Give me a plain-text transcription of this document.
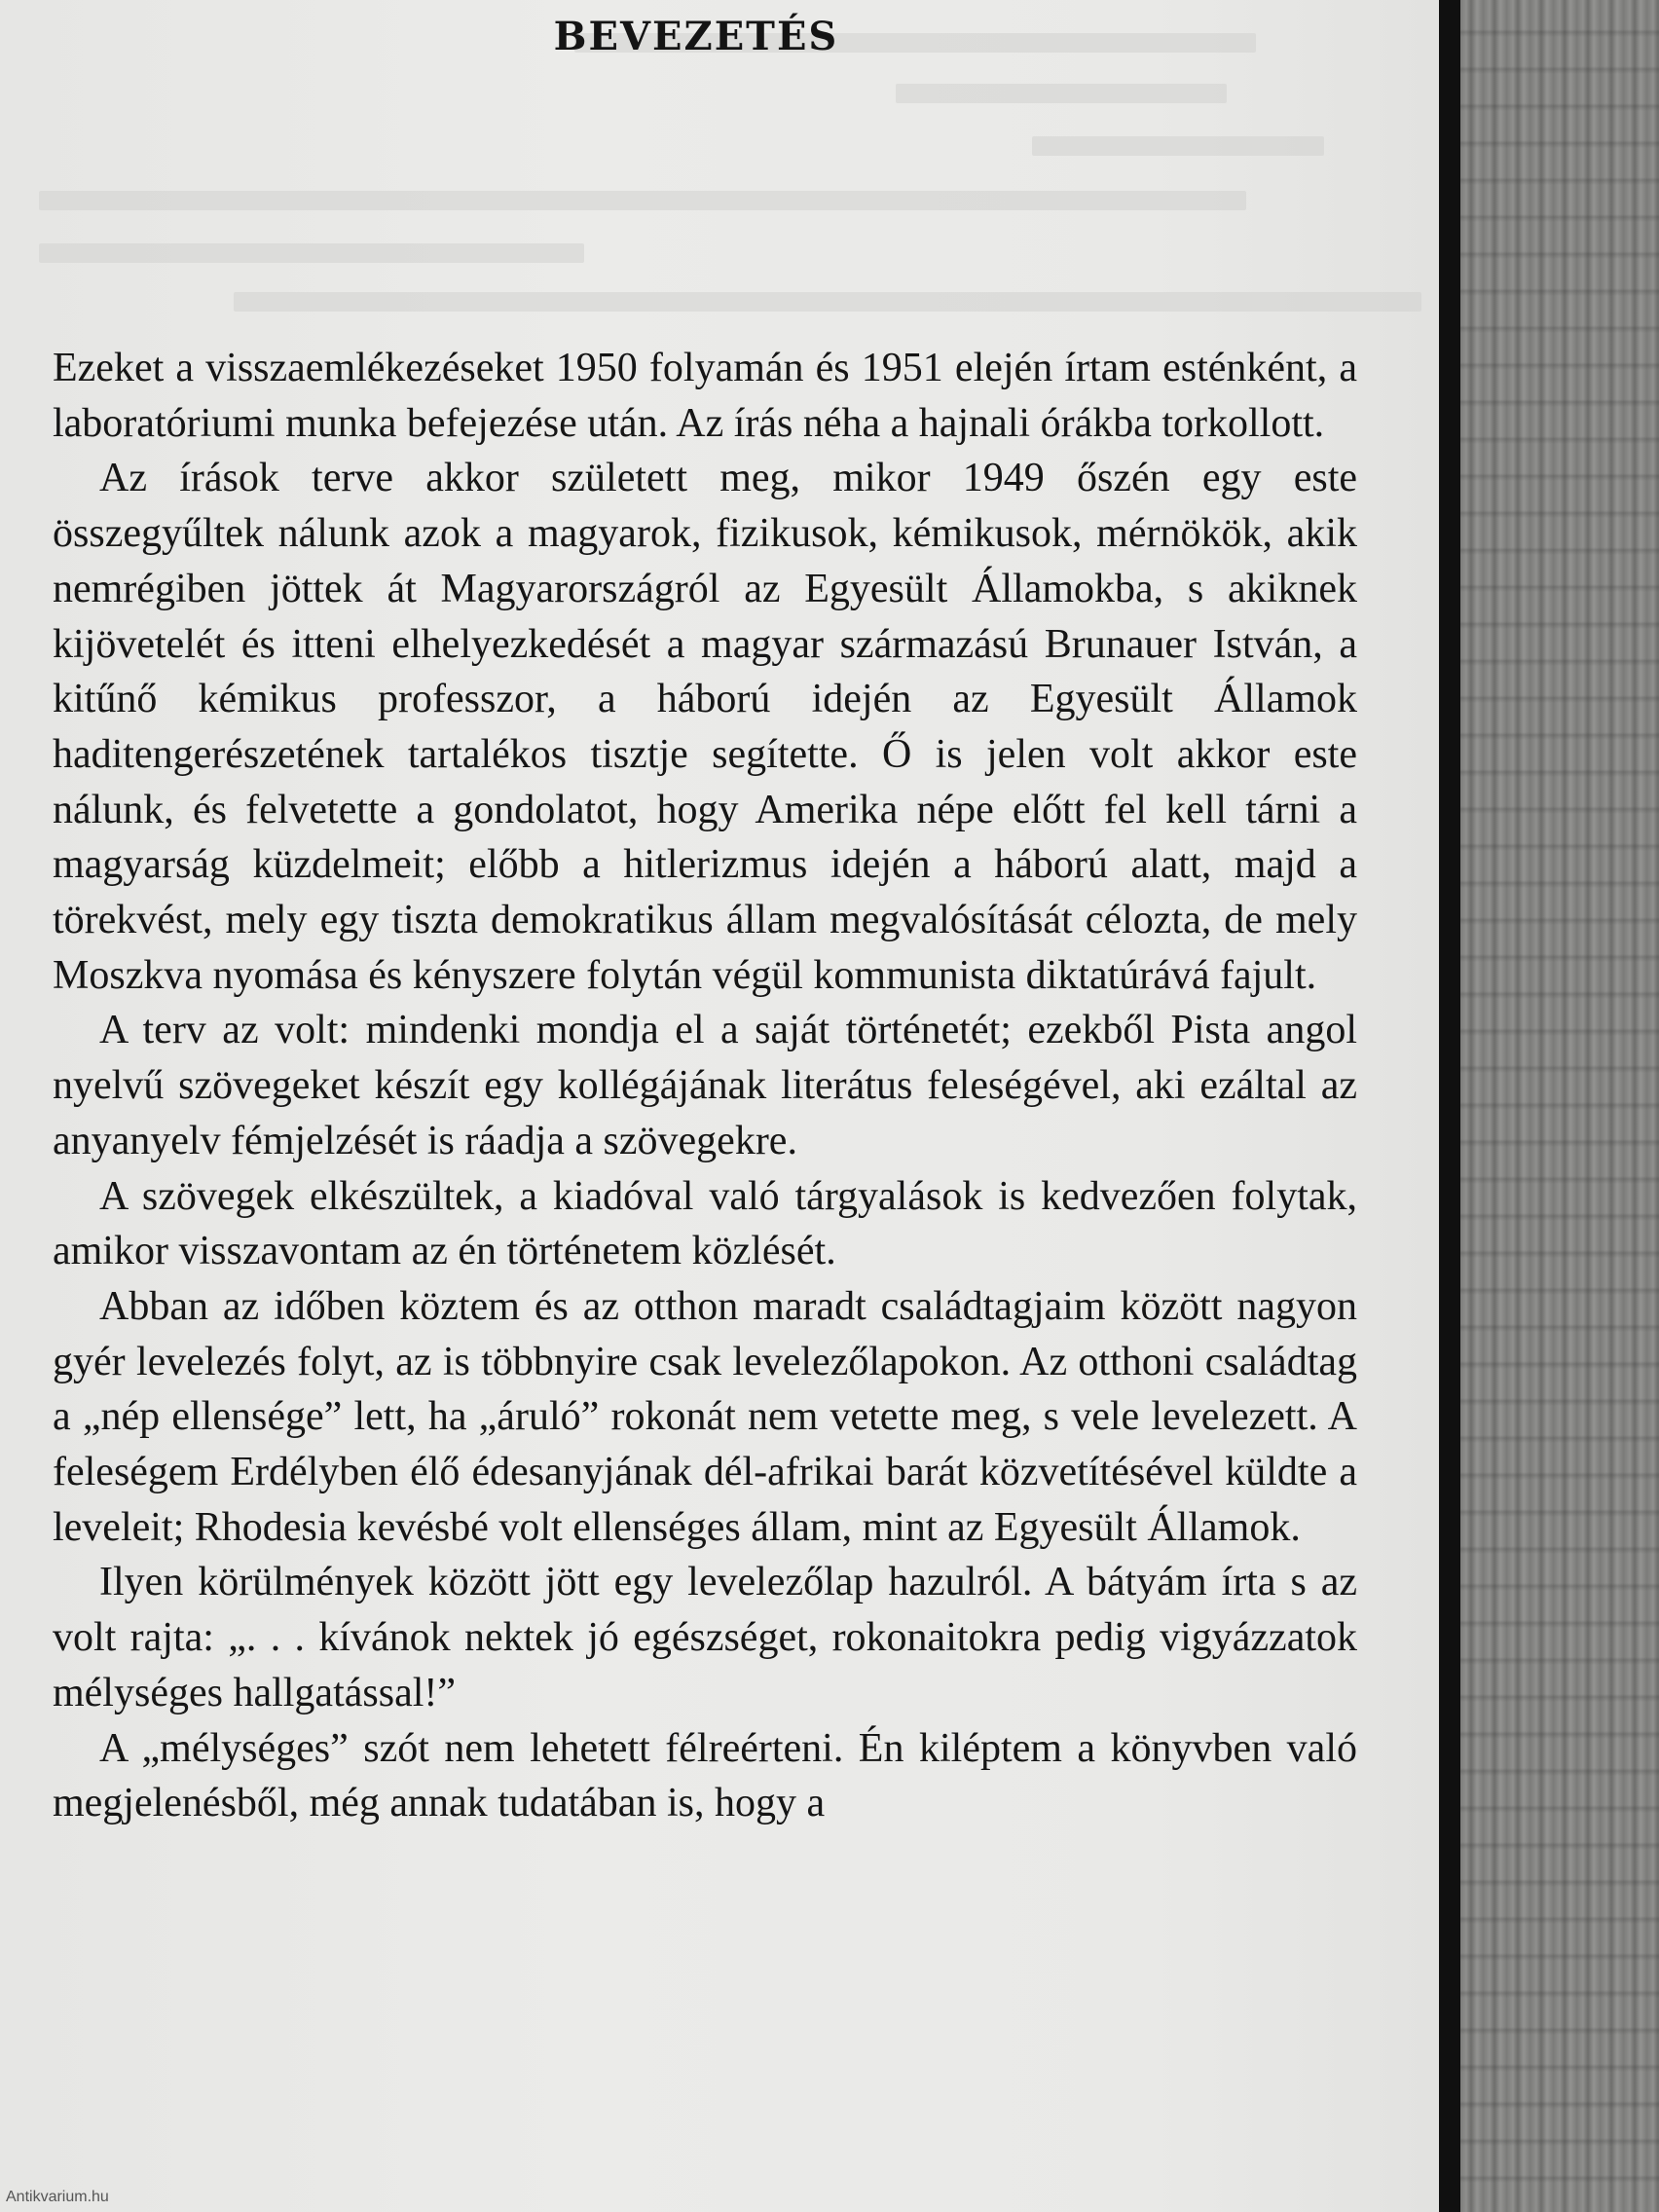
BEVEZETÉS

Ezeket a visszaemlékezéseket 1950 folyamán és 1951 elején írtam esténként, a laboratóriumi munka befejezése után. Az írás néha a hajnali órákba torkollott.

Az írások terve akkor született meg, mikor 1949 őszén egy este összegyűltek nálunk azok a magyarok, fizikusok, kémikusok, mérnökök, akik nemrégiben jöttek át Magyarországról az Egyesült Államokba, s akiknek kijövetelét és itteni elhelyezkedését a magyar származású Brunauer István, a kitűnő kémikus professzor, a háború idején az Egyesült Államok haditengerészetének tartalékos tisztje segítette. Ő is jelen volt akkor este nálunk, és felvetette a gondolatot, hogy Amerika népe előtt fel kell tárni a magyarság küzdelmeit; előbb a hitlerizmus idején a háború alatt, majd a törekvést, mely egy tiszta demokratikus állam megvalósítását célozta, de mely Moszkva nyomása és kényszere folytán végül kommunista diktatúrává fajult.

A terv az volt: mindenki mondja el a saját történetét; ezekből Pista angol nyelvű szövegeket készít egy kollégájának literátus feleségével, aki ezáltal az anyanyelv fémjelzését is ráadja a szövegekre.

A szövegek elkészültek, a kiadóval való tárgyalások is kedvezően folytak, amikor visszavontam az én történetem közlését.

Abban az időben köztem és az otthon maradt családtagjaim között nagyon gyér levelezés folyt, az is többnyire csak levelezőlapokon. Az otthoni családtag a „nép ellensége” lett, ha „áruló” rokonát nem vetette meg, s vele levelezett. A feleségem Erdélyben élő édesanyjának dél-afrikai barát közvetítésével küldte a leveleit; Rhodesia kevésbé volt ellenséges állam, mint az Egyesült Államok.

Ilyen körülmények között jött egy levelezőlap hazulról. A bátyám írta s az volt rajta: „. . . kívánok nektek jó egészséget, rokonaitokra pedig vigyázzatok mélységes hallgatással!”

A „mélységes” szót nem lehetett félreérteni. Én kiléptem a könyvben való megjelenésből, még annak tudatában is, hogy a

Antikvarium.hu
